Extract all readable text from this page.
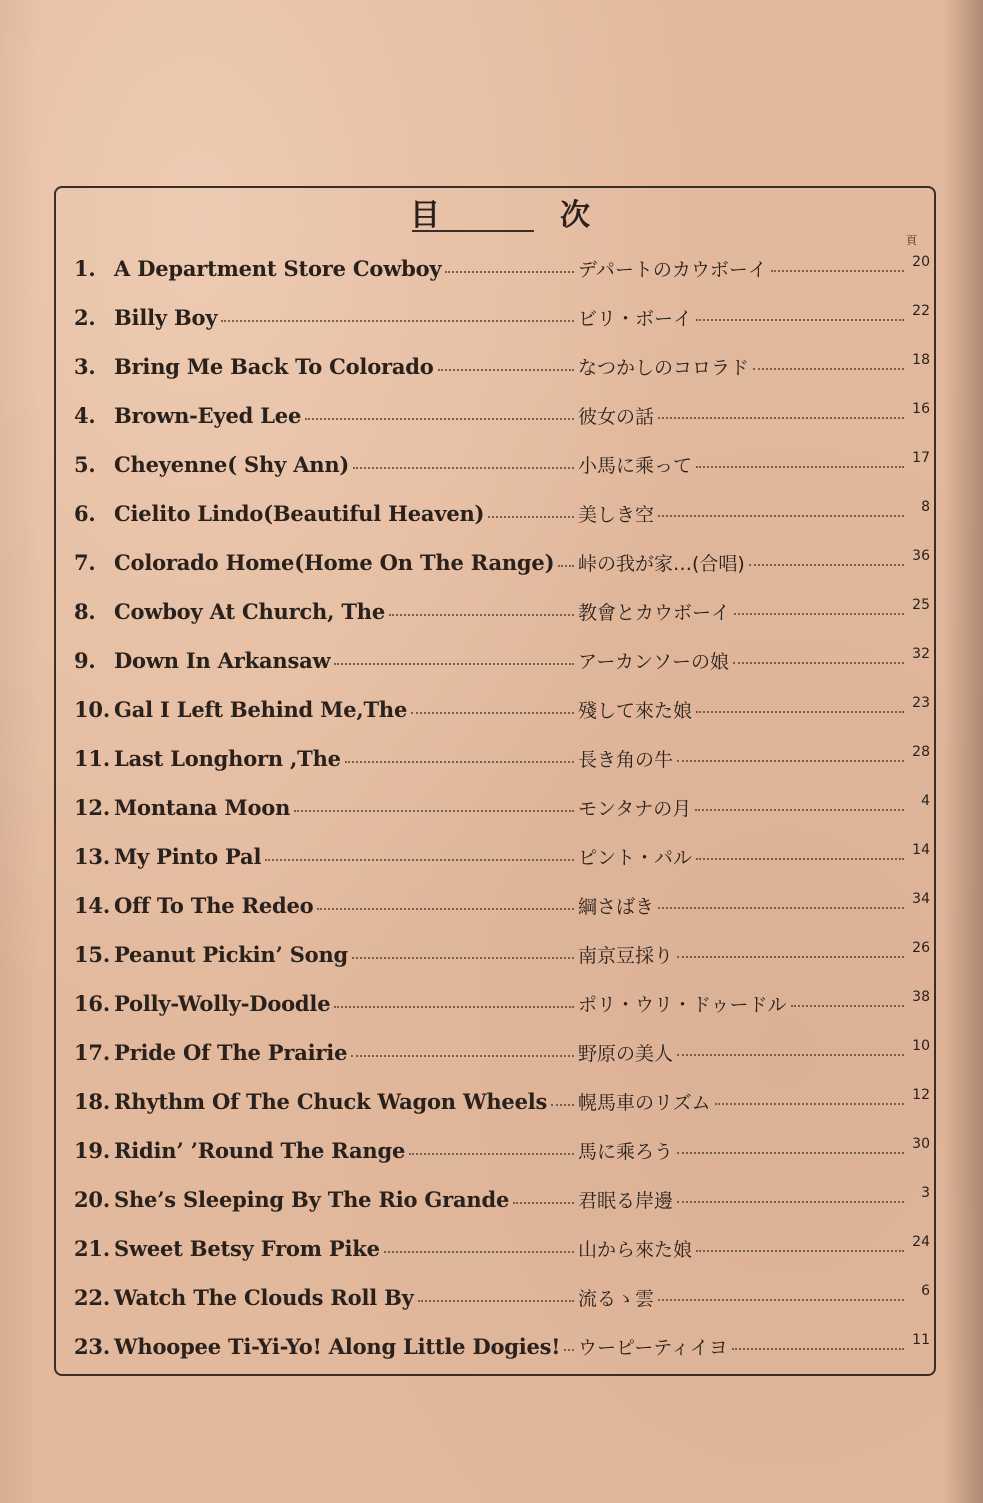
目	次
頁
1. A Department Store Cowboy	デパートのカウボーイ	20
2. Billy Boy	ビリ・ボーイ	22
3. Bring Me Back To Colorado	なつかしのコロラド	18
4. Brown-Eyed Lee	彼女の話	16
5. Cheyenne( Shy Ann)	小馬に乘って	17
6. Cielito Lindo(Beautiful Heaven)	美しき空	8
7. Colorado Home(Home On The Range) 峠の我が家…(合唱)	36
8. Cowboy At Church, The	教會とカウボーイ	25
9. Down In Arkansaw	アーカンソーの娘	32
10. Gal I Left Behind Me,The	殘して來た娘	23
11. Last Longhorn ,The	長き角の牛	28
12. Montana Moon	モンタナの月	4
13. My Pinto Pal	ピント・パル	14
14. Off To The Redeo	綱さばき	34
15. Peanut Pickin’ Song	南京豆採り	26
16. Polly-Wolly-Doodle	ポリ・ウリ・ドゥードル	38
17. Pride Of The Prairie	野原の美人	10
18. Rhythm Of The Chuck Wagon Wheels 幌馬車のリズム	12
19. Ridin’ ’Round The Range	馬に乘ろう	30
20. She’s Sleeping By The Rio Grande	君眠る岸邊	3
21. Sweet Betsy From Pike	山から來た娘	24
22. Watch The Clouds Roll By	流るゝ雲	6
23. Whoopee Ti-Yi-Yo! Along Little Dogies! ウーピーティイヨ	11
